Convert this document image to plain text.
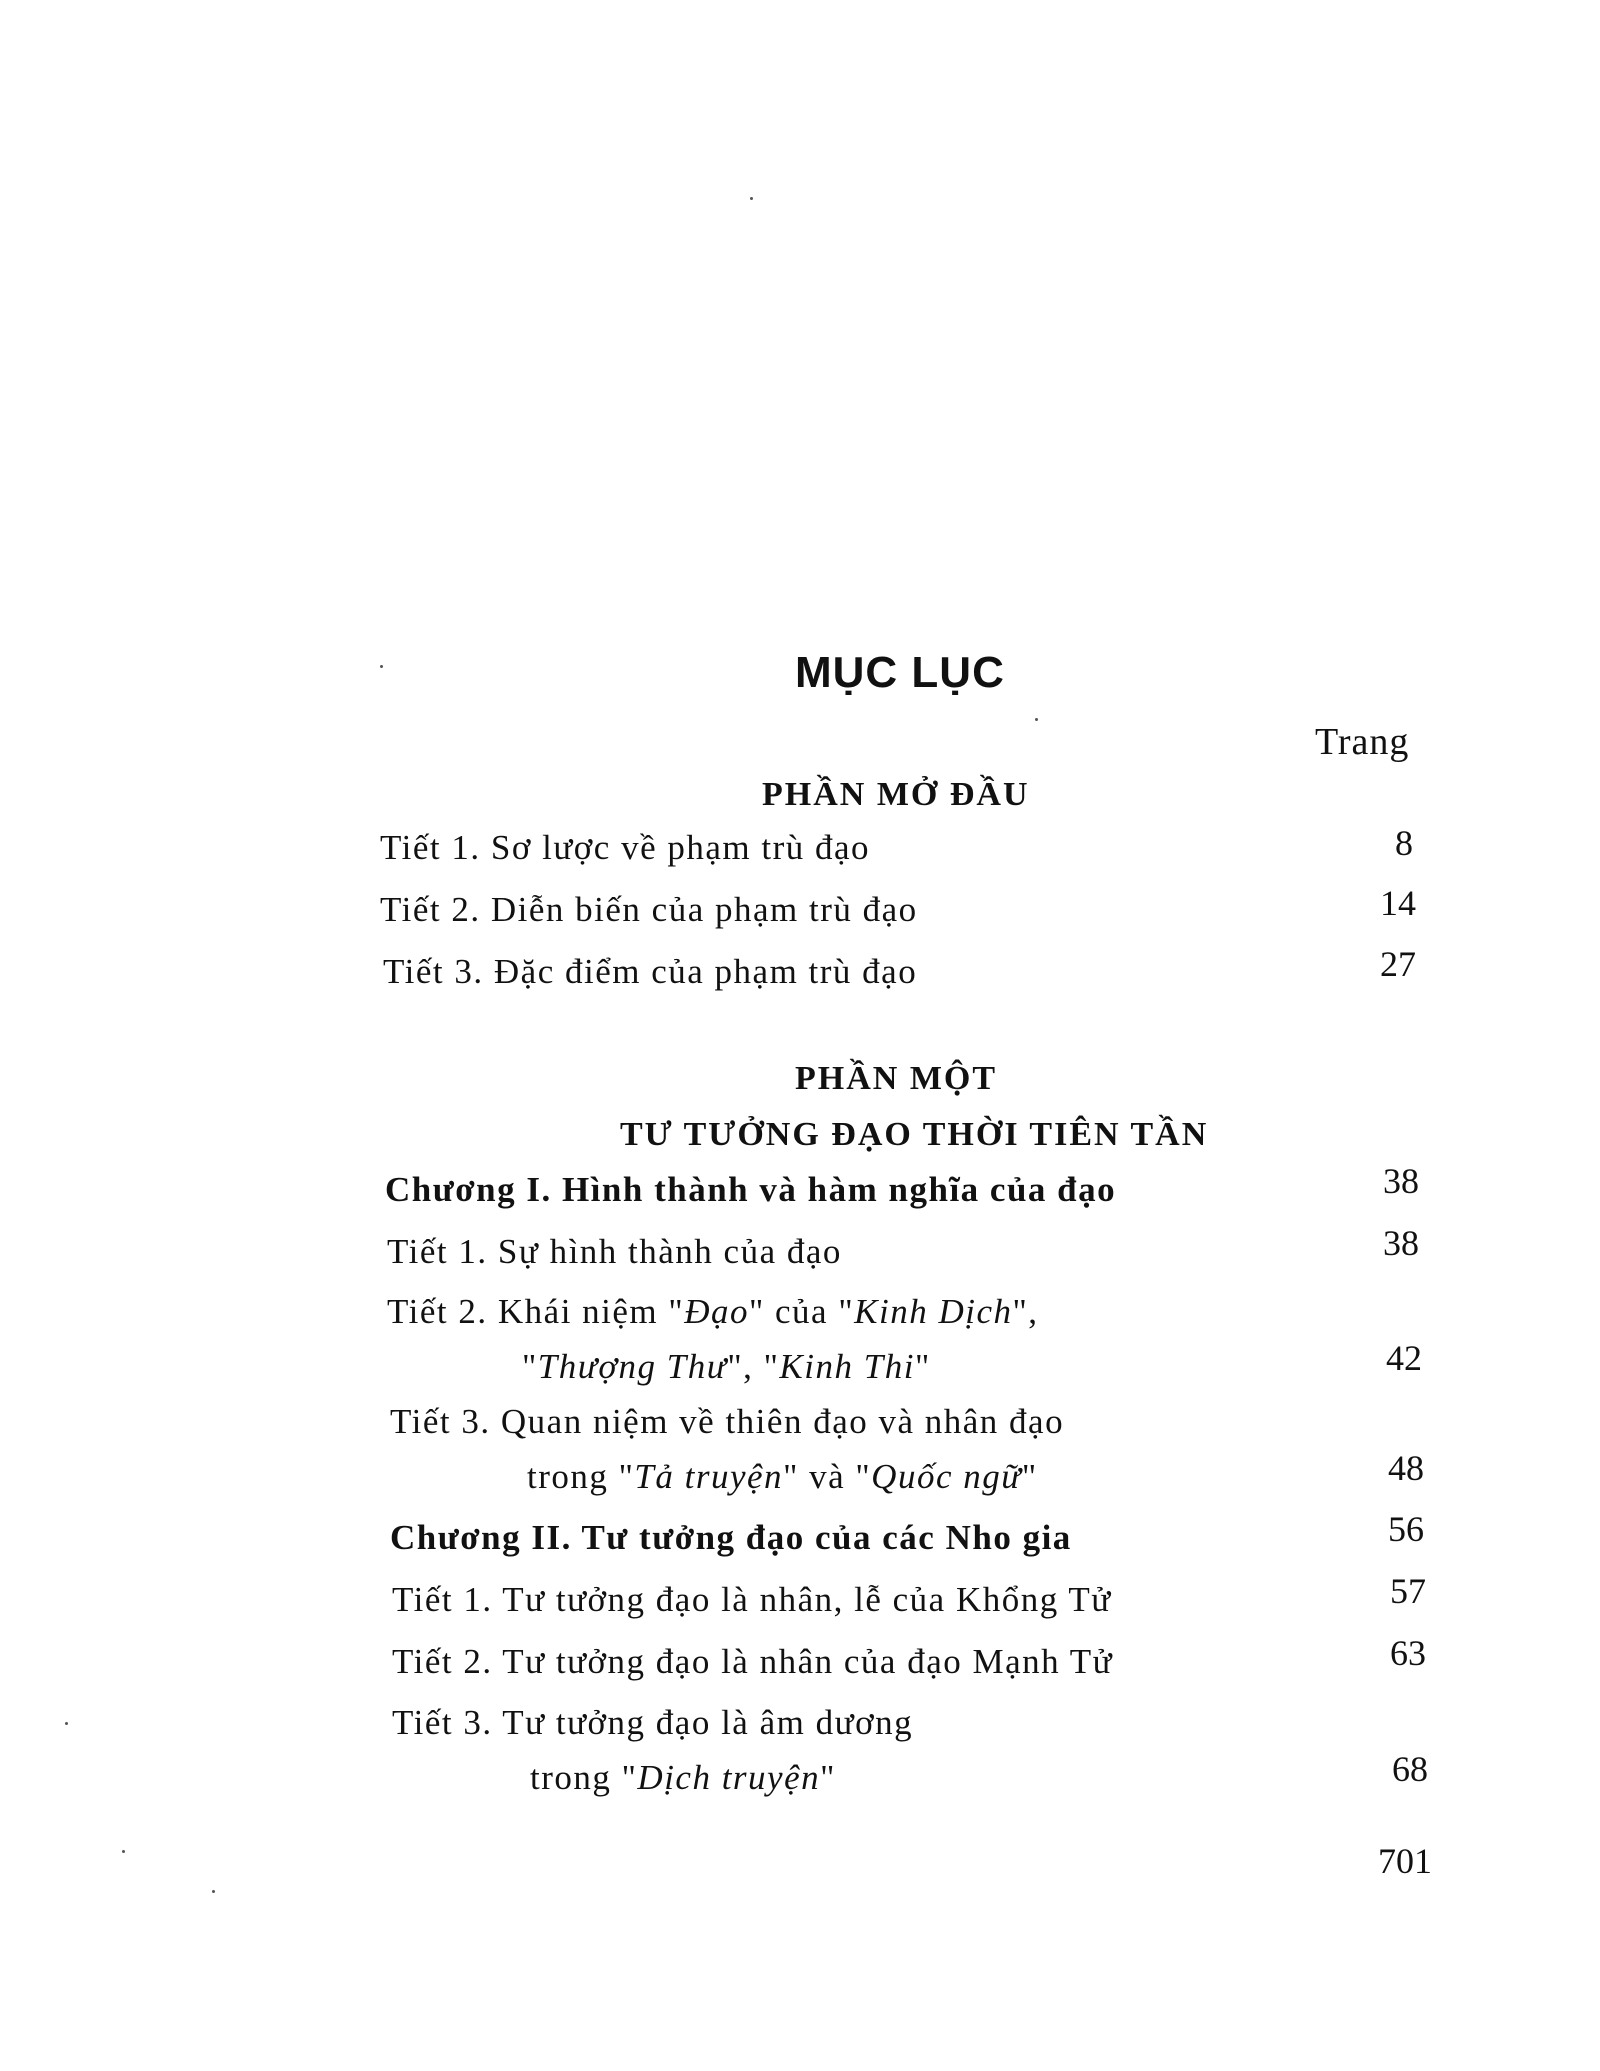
MỤC LỤC
Trang
PHẦN MỞ ĐẦU
Tiết 1. Sơ lược về phạm trù đạo	8
Tiết 2. Diễn biến của phạm trù đạo	14
Tiết 3. Đặc điểm của phạm trù đạo	27
PHẦN MỘT
TƯ TƯỞNG ĐẠO THỜI TIÊN TẦN
Chương I. Hình thành và hàm nghĩa của đạo	38
Tiết 1. Sự hình thành của đạo	38
Tiết 2. Khái niệm "Đạo" của "Kinh Dịch",
"Thượng Thư", "Kinh Thi"	42
Tiết 3. Quan niệm về thiên đạo và nhân đạo
trong "Tả truyện" và "Quốc ngữ"	48
Chương II. Tư tưởng đạo của các Nho gia	56
Tiết 1. Tư tưởng đạo là nhân, lễ của Khổng Tử	57
Tiết 2. Tư tưởng đạo là nhân của đạo Mạnh Tử	63
Tiết 3. Tư tưởng đạo là âm dương
trong "Dịch truyện"	68
701
